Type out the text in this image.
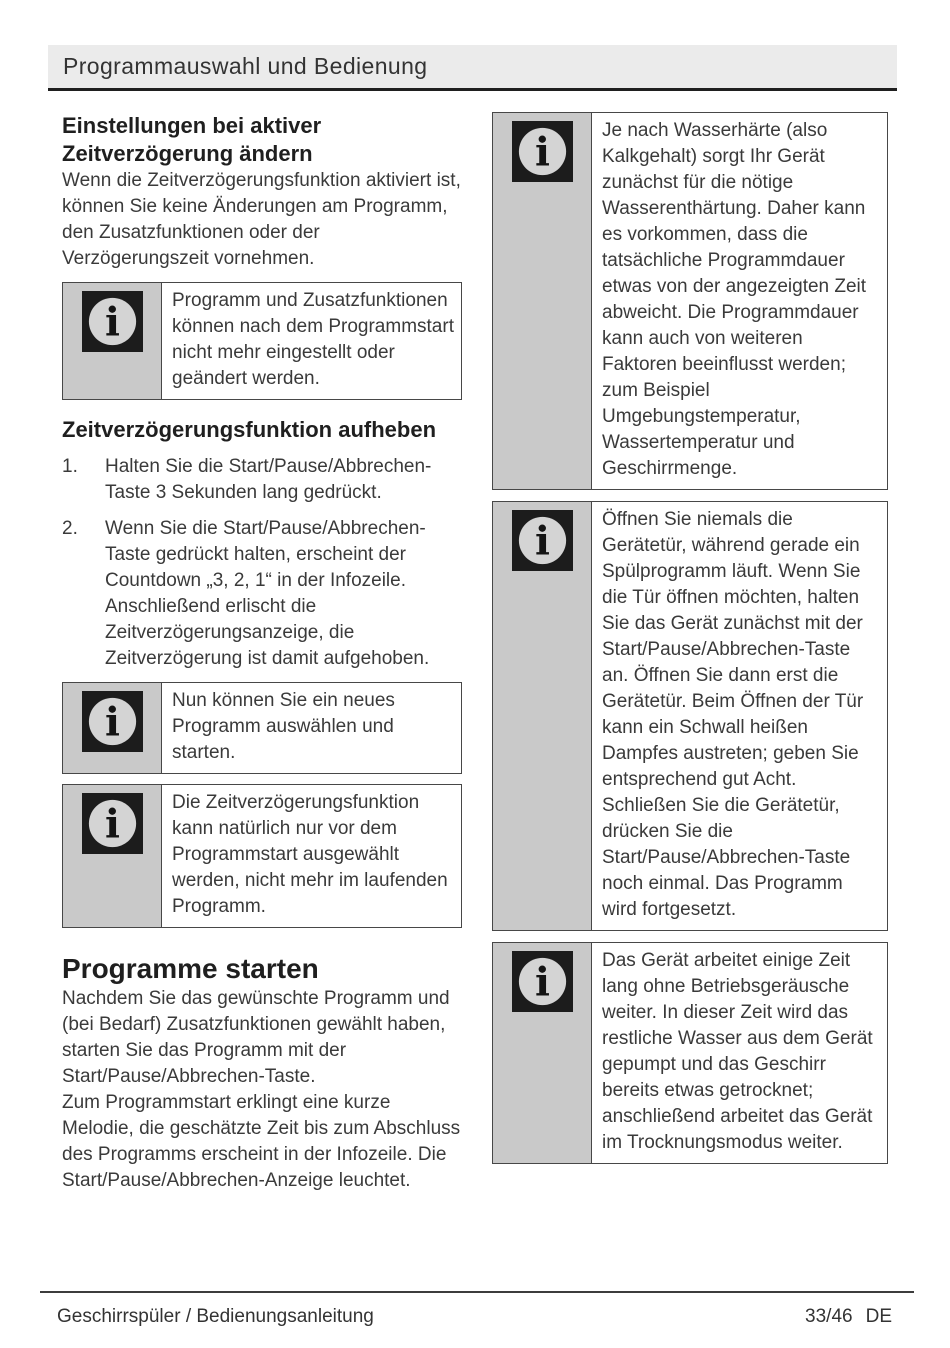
Programmauswahl und Bedienung
Einstellungen bei aktiver Zeitverzögerung ändern

Wenn die Zeitverzögerungsfunktion aktiviert ist, können Sie keine Änderungen am Programm, den Zusatzfunktionen oder der Verzögerungszeit vornehmen.

i	Programm und Zusatzfunktionen können nach dem Programmstart nicht mehr eingestellt oder geändert werden.
Zeitverzögerungsfunktion aufheben
1.	Halten Sie die Start/Pause/Abbrechen-Taste 3 Sekunden lang gedrückt.
2.	Wenn Sie die Start/Pause/Abbrechen-Taste gedrückt halten, erscheint der Countdown „3, 2, 1“ in der Infozeile. Anschließend erlischt die Zeitverzögerungsanzeige, die Zeitverzögerung ist damit aufgehoben.
i	Nun können Sie ein neues Programm auswählen und starten.
i	Die Zeitverzögerungsfunktion kann natürlich nur vor dem Programmstart ausgewählt werden, nicht mehr im laufenden Programm.
Programme starten

Nachdem Sie das gewünschte Programm und (bei Bedarf) Zusatzfunktionen gewählt haben, starten Sie das Programm mit der Start/Pause/Abbrechen-Taste.

Zum Programmstart erklingt eine kurze Melodie, die geschätzte Zeit bis zum Abschluss des Programms erscheint in der Infozeile. Die Start/Pause/Abbrechen-Anzeige leuchtet.

i	Je nach Wasserhärte (also Kalkgehalt) sorgt Ihr Gerät zunächst für die nötige Wasserenthärtung. Daher kann es vorkommen, dass die tatsächliche Programmdauer etwas von der angezeigten Zeit abweicht. Die Programmdauer kann auch von weiteren Faktoren beeinflusst werden; zum Beispiel Umgebungstemperatur, Wassertemperatur und Geschirrmenge.
i	Öffnen Sie niemals die Gerätetür, während gerade ein Spülprogramm läuft. Wenn Sie die Tür öffnen möchten, halten Sie das Gerät zunächst mit der Start/Pause/Abbrechen-Taste an. Öffnen Sie dann erst die Gerätetür. Beim Öffnen der Tür kann ein Schwall heißen Dampfes austreten; geben Sie entsprechend gut Acht. Schließen Sie die Gerätetür, drücken Sie die Start/Pause/Abbrechen-Taste noch einmal. Das Programm wird fortgesetzt.
i	Das Gerät arbeitet einige Zeit lang ohne Betriebsgeräusche weiter. In dieser Zeit wird das restliche Wasser aus dem Gerät gepumpt und das Geschirr bereits etwas getrocknet; anschließend arbeitet das Gerät im Trocknungsmodus weiter.
Geschirrspüler / Bedienungsanleitung	33/46 DE
